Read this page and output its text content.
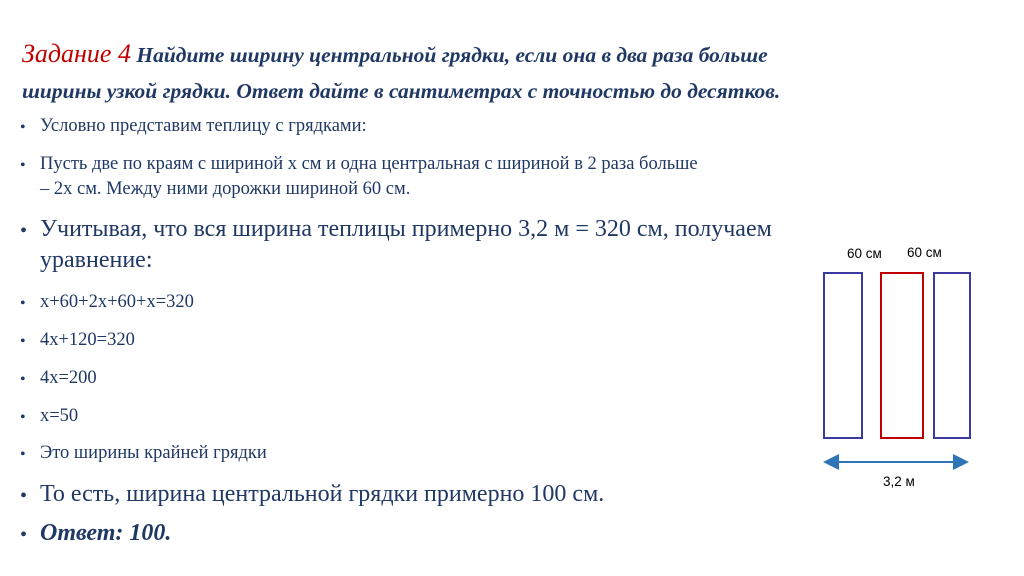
Задание 4 Найдите ширину центральной грядки, если она в два раза больше
ширины узкой грядки. Ответ дайте в сантиметрах с точностью до десятков.
• Условно представим теплицу с грядками:
• Пусть две по краям с шириной х см и одна центральная с шириной в 2 раза больше
– 2х см. Между ними дорожки шириной 60 см.
• Учитывая, что вся ширина теплицы примерно 3,2 м = 320 см, получаем
уравнение:
• х+60+2х+60+х=320
• 4х+120=320
• 4х=200
• х=50
• Это ширины крайней грядки
• То есть, ширина центральной грядки примерно 100 см.
• Ответ: 100.
60 см 60 см
3,2 м
